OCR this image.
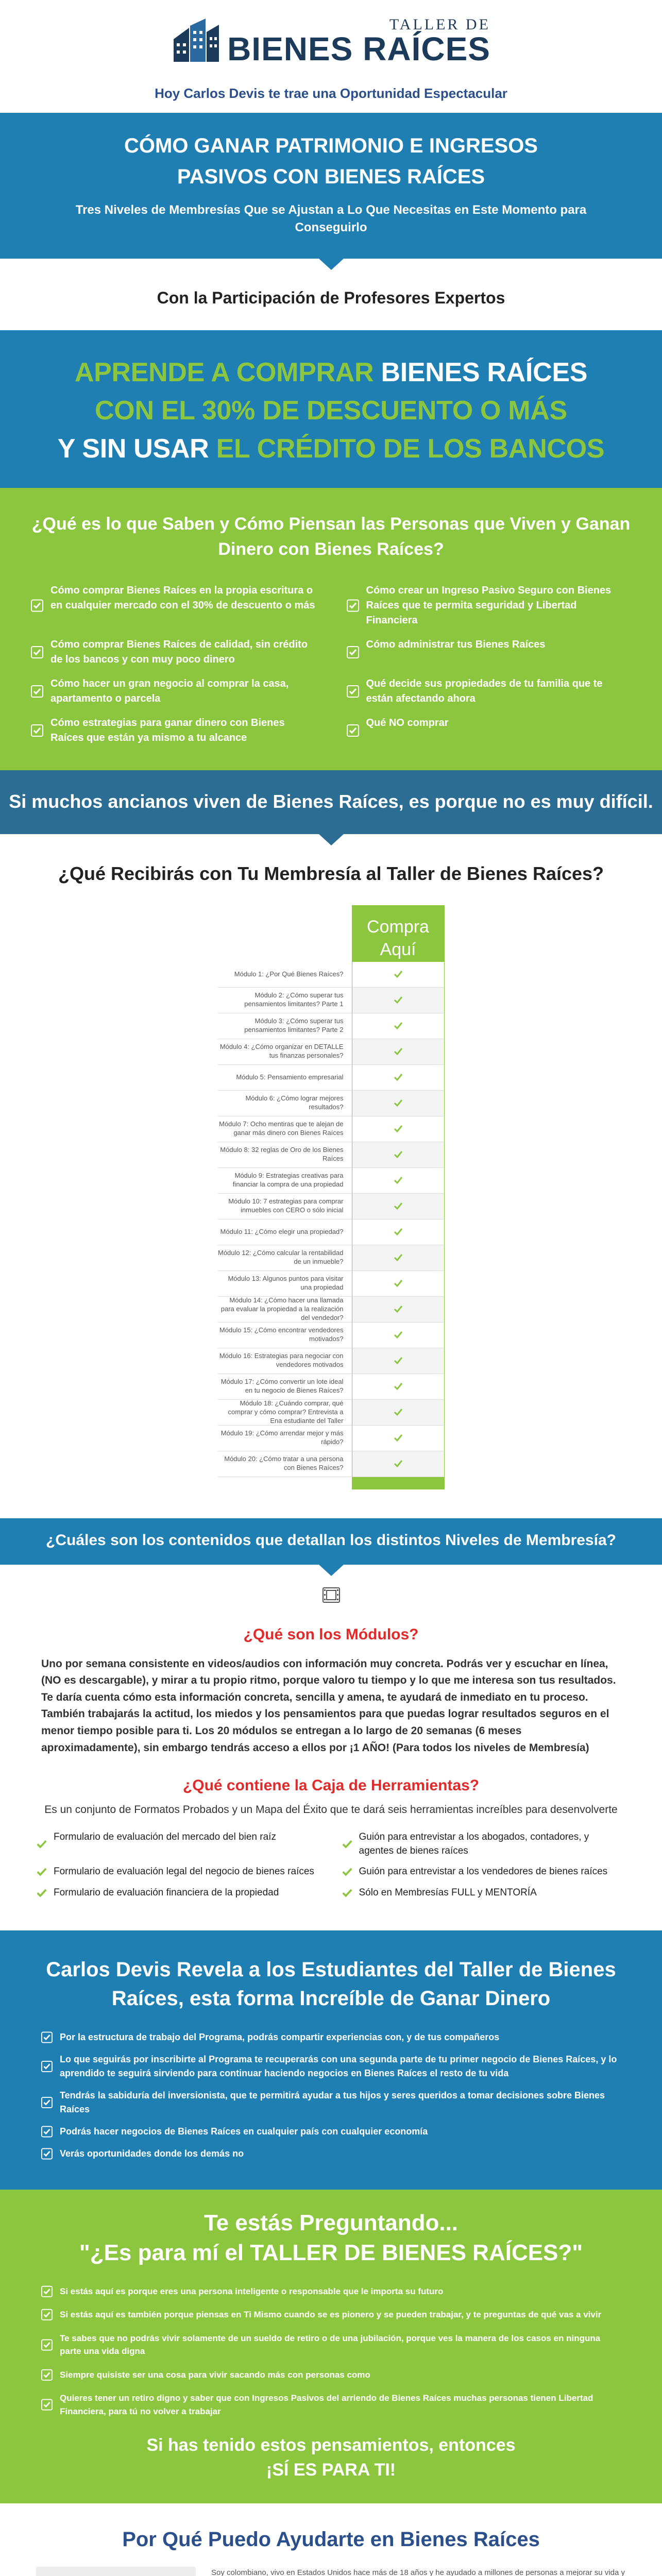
TALLER DE
BIENES RAÍCES
Hoy Carlos Devis te trae una Oportunidad Espectacular
CÓMO GANAR PATRIMONIO E INGRESOS
PASIVOS CON BIENES RAÍCES

Tres Niveles de Membresías Que se Ajustan a Lo Que Necesitas en Este Momento para Conseguirlo

Con la Participación de Profesores Expertos
APRENDE A COMPRAR BIENES RAÍCES
CON EL 30% DE DESCUENTO O MÁS
Y SIN USAR EL CRÉDITO DE LOS BANCOS
¿Qué es lo que Saben y Cómo Piensan las Personas que Viven y Ganan Dinero con Bienes Raíces?
Cómo comprar Bienes Raíces en la propia escritura o en cualquier mercado con el 30% de descuento o más
Cómo crear un Ingreso Pasivo Seguro con Bienes Raíces que te permita seguridad y Libertad Financiera
Cómo comprar Bienes Raíces de calidad, sin crédito de los bancos y con muy poco dinero
Cómo administrar tus Bienes Raíces
Cómo hacer un gran negocio al comprar la casa, apartamento o parcela
Qué decide sus propiedades de tu familia que te están afectando ahora
Cómo estrategias para ganar dinero con Bienes Raíces que están ya mismo a tu alcance
Qué NO comprar
Si muchos ancianos viven de Bienes Raíces, es porque no es muy difícil.
¿Qué Recibirás con Tu Membresía al Taller de Bienes Raíces?
Módulo 1: ¿Por Qué Bienes Raíces?
Módulo 2: ¿Cómo superar tus pensamientos limitantes? Parte 1
Módulo 3: ¿Cómo superar tus pensamientos limitantes? Parte 2
Módulo 4: ¿Cómo organizar en DETALLE tus finanzas personales?
Módulo 5: Pensamiento empresarial
Módulo 6: ¿Cómo lograr mejores resultados?
Módulo 7: Ocho mentiras que te alejan de ganar más dinero con Bienes Raíces
Módulo 8: 32 reglas de Oro de los Bienes Raíces
Módulo 9: Estrategias creativas para financiar la compra de una propiedad
Módulo 10: 7 estrategias para comprar inmuebles con CERO o sólo inicial
Módulo 11: ¿Cómo elegir una propiedad?
Módulo 12: ¿Cómo calcular la rentabilidad de un inmueble?
Módulo 13: Algunos puntos para visitar una propiedad
Módulo 14: ¿Cómo hacer una llamada para evaluar la propiedad a la realización del vendedor?
Módulo 15: ¿Cómo encontrar vendedores motivados?
Módulo 16: Estrategias para negociar con vendedores motivados
Módulo 17: ¿Cómo convertir un lote ideal en tu negocio de Bienes Raíces?
Módulo 18: ¿Cuándo comprar, qué comprar y cómo comprar? Entrevista a Ena estudiante del Taller
Módulo 19: ¿Cómo arrendar mejor y más rápido?
Módulo 20: ¿Cómo tratar a una persona con Bienes Raíces?
Compra Aquí
¿Cuáles son los contenidos que detallan los distintos Niveles de Membresía?
¿Qué son los Módulos?
Uno por semana consistente en videos/audios con información muy concreta. Podrás ver y escuchar en línea, (NO es descargable), y mirar a tu propio ritmo, porque valoro tu tiempo y lo que me interesa son tus resultados. Te daría cuenta cómo esta información concreta, sencilla y amena, te ayudará de inmediato en tu proceso. También trabajarás la actitud, los miedos y los pensamientos para que puedas lograr resultados seguros en el menor tiempo posible para ti. Los 20 módulos se entregan a lo largo de 20 semanas (6 meses aproximadamente), sin embargo tendrás acceso a ellos por ¡1 AÑO! (Para todos los niveles de Membresía)
¿Qué contiene la Caja de Herramientas?
Es un conjunto de Formatos Probados y un Mapa del Éxito que te dará seis herramientas increíbles para desenvolverte
Formulario de evaluación del mercado del bien raíz	Guión para entrevistar a los abogados, contadores, y agentes de bienes raíces
Formulario de evaluación legal del negocio de bienes raíces	Guión para entrevistar a los vendedores de bienes raíces
Formulario de evaluación financiera de la propiedad	Sólo en Membresías FULL y MENTORÍA
Carlos Devis Revela a los Estudiantes del Taller de Bienes Raíces, esta forma Increíble de Ganar Dinero
Por la estructura de trabajo del Programa, podrás compartir experiencias con, y de tus compañeros
Lo que seguirás por inscribirte al Programa te recuperarás con una segunda parte de tu primer negocio de Bienes Raíces, y lo aprendido te seguirá sirviendo para continuar haciendo negocios en Bienes Raíces el resto de tu vida
Tendrás la sabiduría del inversionista, que te permitirá ayudar a tus hijos y seres queridos a tomar decisiones sobre Bienes Raíces
Podrás hacer negocios de Bienes Raíces en cualquier país con cualquier economía
Verás oportunidades donde los demás no
Te estás Preguntando...
"¿Es para mí el TALLER DE BIENES RAÍCES?"
Si estás aquí es porque eres una persona inteligente o responsable que le importa su futuro
Si estás aquí es también porque piensas en Ti Mismo cuando se es pionero y se pueden trabajar, y te preguntas de qué vas a vivir
Te sabes que no podrás vivir solamente de un sueldo de retiro o de una jubilación, porque ves la manera de los casos en ninguna parte una vida digna
Siempre quisiste ser una cosa para vivir sacando más con personas como
Quieres tener un retiro digno y saber que con Ingresos Pasivos del arriendo de Bienes Raíces muchas personas tienen Libertad Financiera, para tú no volver a trabajar
Si has tenido estos pensamientos, entonces
¡SÍ ES PARA TI!
Por Qué Puedo Ayudarte en Bienes Raíces

Soy colombiano, vivo en Estados Unidos hace más de 18 años y he ayudado a millones de personas a mejorar su vida y
